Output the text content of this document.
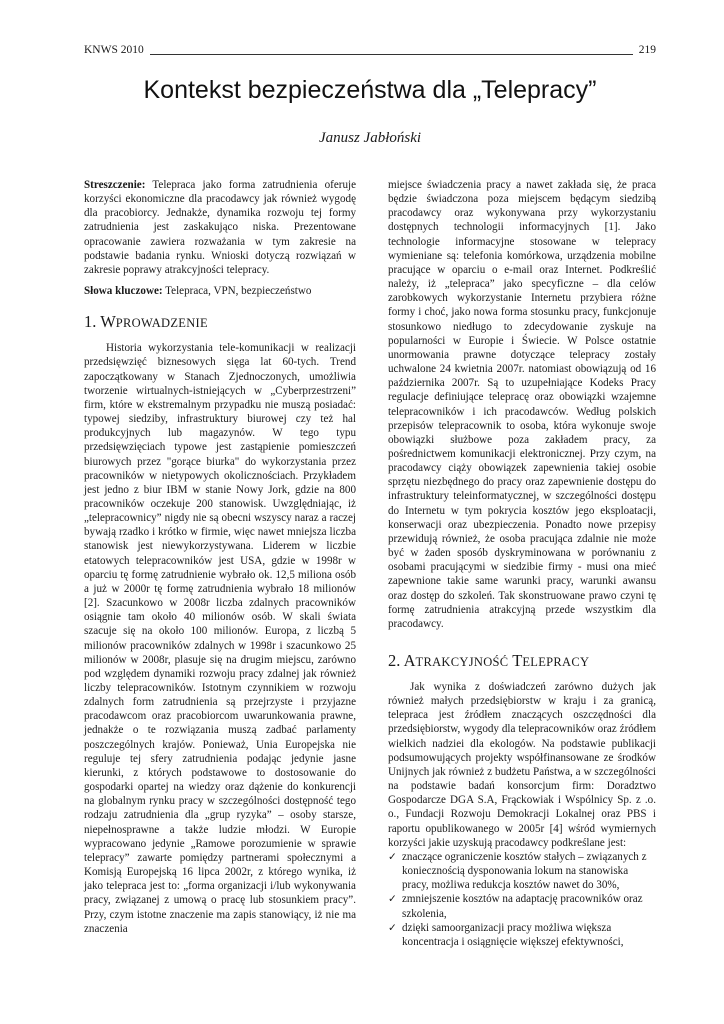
KNWS 2010	219
Kontekst bezpieczeństwa dla „Telepracy”
Janusz Jabłoński

Streszczenie: Telepraca jako forma zatrudnienia oferuje korzyści ekonomiczne dla pracodawcy jak również wygodę dla pracobiorcy. Jednakże, dynamika rozwoju tej formy zatrudnienia jest zaskakująco niska. Prezentowane opracowanie zawiera rozważania w tym zakresie na podstawie badania rynku. Wnioski dotyczą rozwiązań w zakresie poprawy atrakcyjności telepracy.

Słowa kluczowe: Telepraca, VPN, bezpieczeństwo

1. WPROWADZENIE

Historia wykorzystania tele-komunikacji w realizacji przedsięwzięć biznesowych sięga lat 60-tych. Trend zapoczątkowany w Stanach Zjednoczonych, umożliwia tworzenie wirtualnych-istniejących w „Cyberprzestrzeni” firm, które w ekstremalnym przypadku nie muszą posiadać: typowej siedziby, infrastruktury biurowej czy też hal produkcyjnych lub magazynów. W tego typu przedsięwzięciach typowe jest zastąpienie pomieszczeń biurowych przez "gorące biurka" do wykorzystania przez pracowników w nietypowych okolicznościach. Przykładem jest jedno z biur IBM w stanie Nowy Jork, gdzie na 800 pracowników oczekuje 200 stanowisk. Uwzględniając, iż „telepracownicy” nigdy nie są obecni wszyscy naraz a raczej bywają rzadko i krótko w firmie, więc nawet mniejsza liczba stanowisk jest niewykorzystywana. Liderem w liczbie etatowych telepracowników jest USA, gdzie w 1998r w oparciu tę formę zatrudnienie wybrało ok. 12,5 miliona osób a już w 2000r tę formę zatrudnienia wybrało 18 milionów [2]. Szacunkowo w 2008r liczba zdalnych pracowników osiągnie tam około 40 milionów osób. W skali świata szacuje się na około 100 milionów. Europa, z liczbą 5 milionów pracowników zdalnych w 1998r i szacunkowo 25 milionów w 2008r, plasuje się na drugim miejscu, zarówno pod względem dynamiki rozwoju pracy zdalnej jak również liczby telepracowników. Istotnym czynnikiem w rozwoju zdalnych form zatrudnienia są przejrzyste i przyjazne pracodawcom oraz pracobiorcom uwarunkowania prawne, jednakże o te rozwiązania muszą zadbać parlamenty poszczególnych krajów. Ponieważ, Unia Europejska nie reguluje tej sfery zatrudnienia podając jedynie jasne kierunki, z których podstawowe to dostosowanie do gospodarki opartej na wiedzy oraz dążenie do konkurencji na globalnym rynku pracy w szczególności dostępność tego rodzaju zatrudnienia dla „grup ryzyka” – osoby starsze, niepełnosprawne a także ludzie młodzi. W Europie wypracowano jedynie „Ramowe porozumienie w sprawie telepracy” zawarte pomiędzy partnerami społecznymi a Komisją Europejską 16 lipca 2002r, z którego wynika, iż jako telepraca jest to: „forma organizacji i/lub wykonywania pracy, związanej z umową o pracę lub stosunkiem pracy”. Przy, czym istotne znaczenie ma zapis stanowiący, iż nie ma znaczenia

miejsce świadczenia pracy a nawet zakłada się, że praca będzie świadczona poza miejscem będącym siedzibą pracodawcy oraz wykonywana przy wykorzystaniu dostępnych technologii informacyjnych [1]. Jako technologie informacyjne stosowane w telepracy wymieniane są: telefonia komórkowa, urządzenia mobilne pracujące w oparciu o e-mail oraz Internet. Podkreślić należy, iż „telepraca” jako specyficzne – dla celów zarobkowych wykorzystanie Internetu przybiera różne formy i choć, jako nowa forma stosunku pracy, funkcjonuje stosunkowo niedługo to zdecydowanie zyskuje na popularności w Europie i Świecie. W Polsce ostatnie unormowania prawne dotyczące telepracy zostały uchwalone 24 kwietnia 2007r. natomiast obowiązują od 16 października 2007r. Są to uzupełniające Kodeks Pracy regulacje definiujące telepracę oraz obowiązki wzajemne telepracowników i ich pracodawców. Według polskich przepisów telepracownik to osoba, która wykonuje swoje obowiązki służbowe poza zakładem pracy, za pośrednictwem komunikacji elektronicznej. Przy czym, na pracodawcy ciąży obowiązek zapewnienia takiej osobie sprzętu niezbędnego do pracy oraz zapewnienie dostępu do infrastruktury teleinformatycznej, w szczególności dostępu do Internetu w tym pokrycia kosztów jego eksploatacji, konserwacji oraz ubezpieczenia. Ponadto nowe przepisy przewidują również, że osoba pracująca zdalnie nie może być w żaden sposób dyskryminowana w porównaniu z osobami pracującymi w siedzibie firmy - musi ona mieć zapewnione takie same warunki pracy, warunki awansu oraz dostęp do szkoleń. Tak skonstruowane prawo czyni tę formę zatrudnienia atrakcyjną przede wszystkim dla pracodawcy.

2. ATRAKCYJNOŚĆ TELEPRACY

Jak wynika z doświadczeń zarówno dużych jak również małych przedsiębiorstw w kraju i za granicą, telepraca jest źródłem znaczących oszczędności dla przedsiębiorstw, wygody dla telepracowników oraz źródłem wielkich nadziei dla ekologów. Na podstawie publikacji podsumowujących projekty współfinansowane ze środków Unijnych jak również z budżetu Państwa, a w szczególności na podstawie badań konsorcjum firm: Doradztwo Gospodarcze DGA S.A, Frąckowiak i Wspólnicy Sp. z .o. o., Fundacji Rozwoju Demokracji Lokalnej oraz PBS i raportu opublikowanego w 2005r [4] wśród wymiernych korzyści jakie uzyskują pracodawcy podkreślane jest:

✓ znaczące ograniczenie kosztów stałych – związanych z koniecznością dysponowania lokum na stanowiska pracy, możliwa redukcja kosztów nawet do 30%,
✓ zmniejszenie kosztów na adaptację pracowników oraz szkolenia,
✓ dzięki samoorganizacji pracy możliwa większa koncentracja i osiągnięcie większej efektywności,
